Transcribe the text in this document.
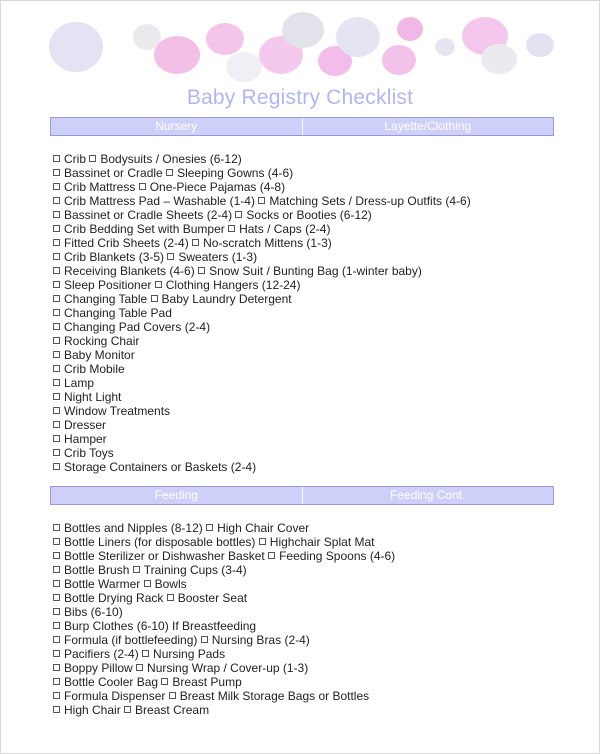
Baby Registry Checklist
Nursery	Layette/Clothing
Crib Bodysuits / Onesies (6-12)
Bassinet or Cradle Sleeping Gowns (4-6)
Crib Mattress One-Piece Pajamas (4-8)
Crib Mattress Pad – Washable (1-4) Matching Sets / Dress-up Outfits (4-6)
Bassinet or Cradle Sheets (2-4) Socks or Booties (6-12)
Crib Bedding Set with Bumper Hats / Caps (2-4)
Fitted Crib Sheets (2-4) No-scratch Mittens (1-3)
Crib Blankets (3-5) Sweaters (1-3)
Receiving Blankets (4-6) Snow Suit / Bunting Bag (1-winter baby)
Sleep Positioner Clothing Hangers (12-24)
Changing Table Baby Laundry Detergent
Changing Table Pad
Changing Pad Covers (2-4)
Rocking Chair
Baby Monitor
Crib Mobile
Lamp
Night Light
Window Treatments
Dresser
Hamper
Crib Toys
Storage Containers or Baskets (2-4)
Feeding	Feeding Cont.
Bottles and Nipples (8-12) High Chair Cover
Bottle Liners (for disposable bottles) Highchair Splat Mat
Bottle Sterilizer or Dishwasher Basket Feeding Spoons (4-6)
Bottle Brush Training Cups (3-4)
Bottle Warmer Bowls
Bottle Drying Rack Booster Seat
Bibs (6-10)
Burp Clothes (6-10) If Breastfeeding
Formula (if bottlefeeding) Nursing Bras (2-4)
Pacifiers (2-4) Nursing Pads
Boppy Pillow Nursing Wrap / Cover-up (1-3)
Bottle Cooler Bag Breast Pump
Formula Dispenser Breast Milk Storage Bags or Bottles
High Chair Breast Cream
